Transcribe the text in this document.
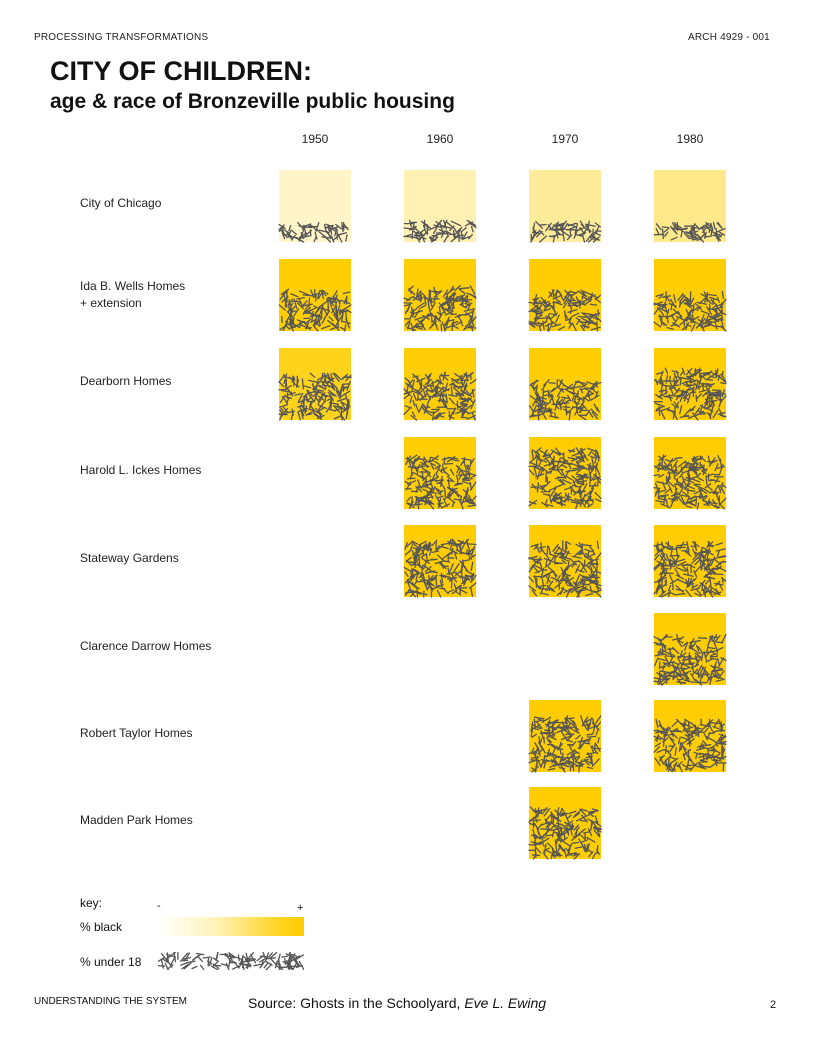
PROCESSING TRANSFORMATIONS	ARCH 4929 - 001
CITY OF CHILDREN:
age & race of Bronzeville public housing
1950	1960	1970	1980
City of Chicago
Ida B. Wells Homes
+ extension
Dearborn Homes
Harold L. Ickes Homes
Stateway Gardens
Clarence Darrow Homes
Robert Taylor Homes
Madden Park Homes
key:	-	+
% black
% under 18
UNDERSTANDING THE SYSTEM	Source: Ghosts in the Schoolyard, Eve L. Ewing	2
